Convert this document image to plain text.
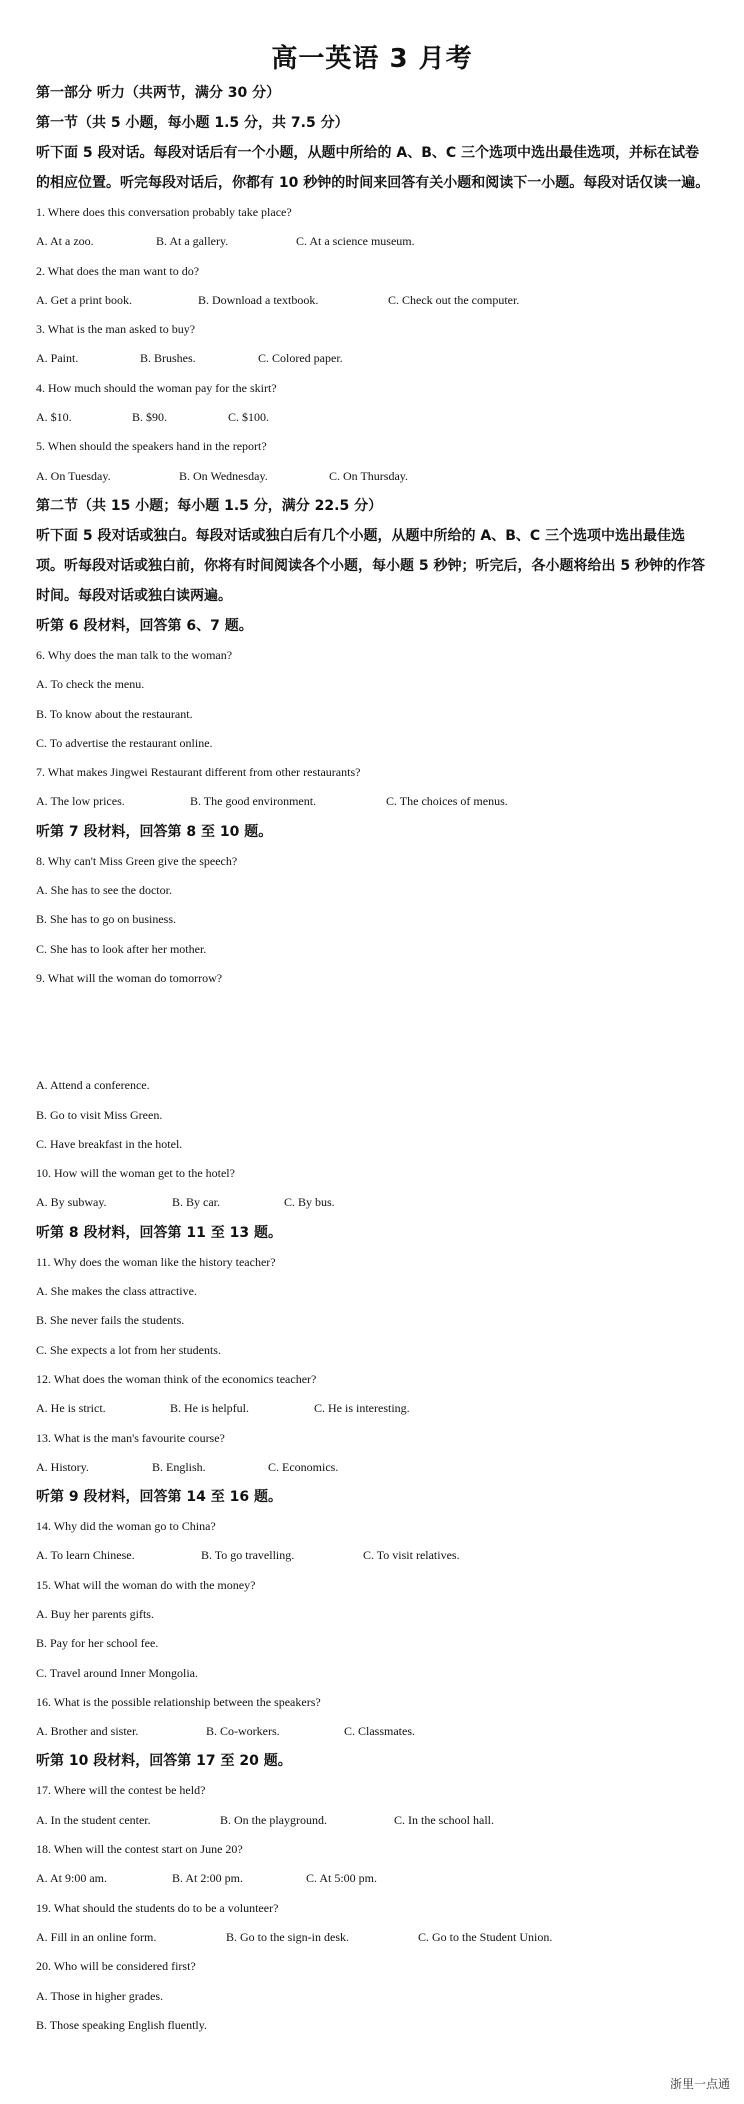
高一英语 3 月考
第一部分 听力（共两节，满分 30 分）
第一节（共 5 小题，每小题 1.5 分，共 7.5 分）
听下面 5 段对话。每段对话后有一个小题，从题中所给的 A、B、C 三个选项中选出最佳选项，并标在试卷的相应位置。听完每段对话后，你都有 10 秒钟的时间来回答有关小题和阅读下一小题。每段对话仅读一遍。
1. Where does this conversation probably take place?
A. At a zoo.	B. At a gallery.	C. At a science museum.
2. What does the man want to do?
A. Get a print book.	B. Download a textbook.	C. Check out the computer.
3. What is the man asked to buy?
A. Paint.	B. Brushes.	C. Colored paper.
4. How much should the woman pay for the skirt?
A. $10.	B. $90.	C. $100.
5. When should the speakers hand in the report?
A. On Tuesday.	B. On Wednesday.	C. On Thursday.
第二节（共 15 小题；每小题 1.5 分，满分 22.5 分）
听下面 5 段对话或独白。每段对话或独白后有几个小题，从题中所给的 A、B、C 三个选项中选出最佳选项。听每段对话或独白前，你将有时间阅读各个小题，每小题 5 秒钟；听完后，各小题将给出 5 秒钟的作答时间。每段对话或独白读两遍。
听第 6 段材料，回答第 6、7 题。
6. Why does the man talk to the woman?
A. To check the menu.
B. To know about the restaurant.
C. To advertise the restaurant online.
7. What makes Jingwei Restaurant different from other restaurants?
A. The low prices.	B. The good environment.	C. The choices of menus.
听第 7 段材料，回答第 8 至 10 题。
8. Why can't Miss Green give the speech?
A. She has to see the doctor.
B. She has to go on business.
C. She has to look after her mother.
9. What will the woman do tomorrow?
A. Attend a conference.
B. Go to visit Miss Green.
C. Have breakfast in the hotel.
10. How will the woman get to the hotel?
A. By subway.	B. By car.	C. By bus.
听第 8 段材料，回答第 11 至 13 题。
11. Why does the woman like the history teacher?
A. She makes the class attractive.
B. She never fails the students.
C. She expects a lot from her students.
12. What does the woman think of the economics teacher?
A. He is strict.	B. He is helpful.	C. He is interesting.
13. What is the man's favourite course?
A. History.	B. English.	C. Economics.
听第 9 段材料，回答第 14 至 16 题。
14. Why did the woman go to China?
A. To learn Chinese.	B. To go travelling.	C. To visit relatives.
15. What will the woman do with the money?
A. Buy her parents gifts.
B. Pay for her school fee.
C. Travel around Inner Mongolia.
16. What is the possible relationship between the speakers?
A. Brother and sister.	B. Co-workers.	C. Classmates.
听第 10 段材料，回答第 17 至 20 题。
17. Where will the contest be held?
A. In the student center.	B. On the playground.	C. In the school hall.
18. When will the contest start on June 20?
A. At 9:00 am.	B. At 2:00 pm.	C. At 5:00 pm.
19. What should the students do to be a volunteer?
A. Fill in an online form.	B. Go to the sign-in desk.	C. Go to the Student Union.
20. Who will be considered first?
A. Those in higher grades.
B. Those speaking English fluently.
浙里一点通
